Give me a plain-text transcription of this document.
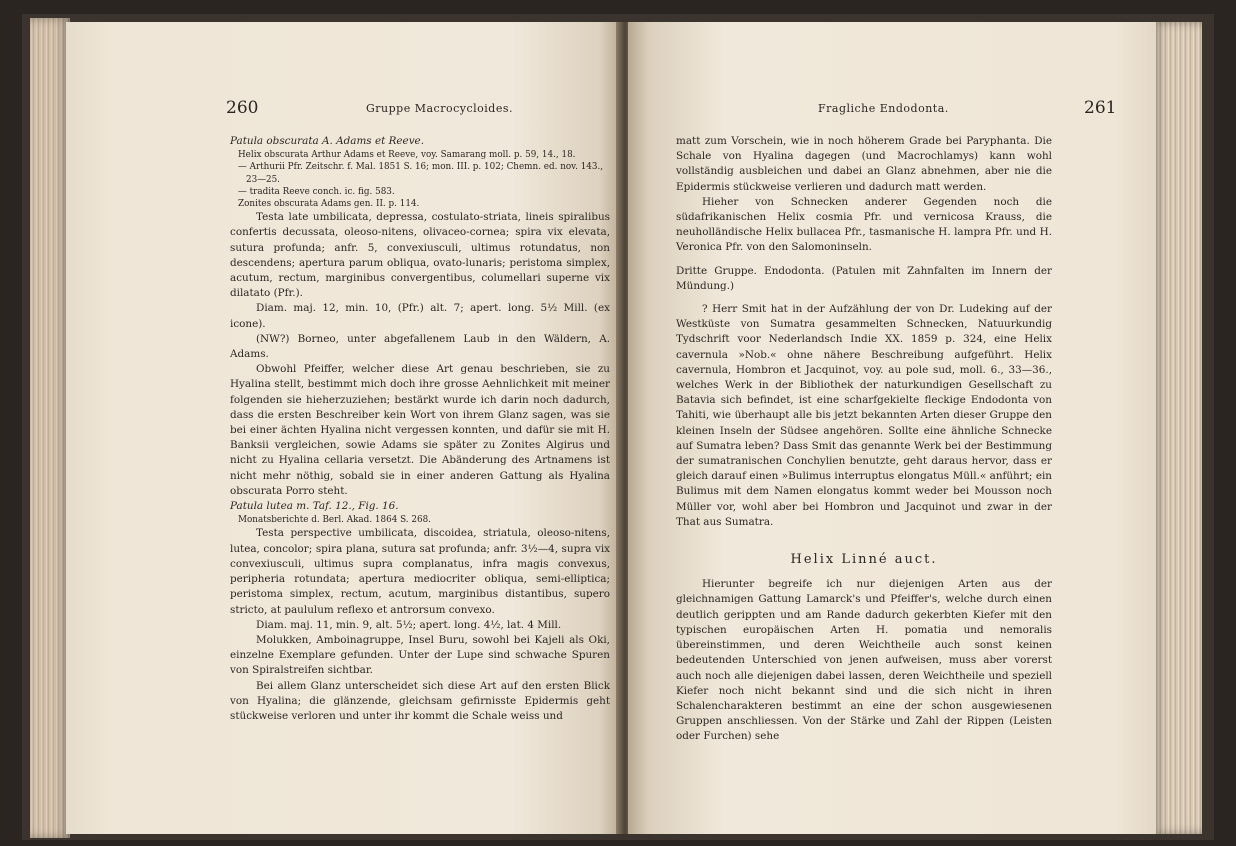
260	Gruppe Macrocycloides.

Patula obscurata A. Adams et Reeve.

Helix obscurata Arthur Adams et Reeve, voy. Samarang moll. p. 59, 14., 18.

— Arthurii Pfr. Zeitschr. f. Mal. 1851 S. 16; mon. III. p. 102; Chemn. ed. nov. 143., 23—25.

— tradita Reeve conch. ic. fig. 583.

Zonites obscurata Adams gen. II. p. 114.

Testa late umbilicata, depressa, costulato-striata, lineis spiralibus confertis decussata, oleoso-nitens, olivaceo-cornea; spira vix elevata, sutura profunda; anfr. 5, convexiusculi, ultimus rotundatus, non descendens; apertura parum obliqua, ovato-lunaris; peristoma simplex, acutum, rectum, marginibus convergentibus, columellari superne vix dilatato (Pfr.).

Diam. maj. 12, min. 10, (Pfr.) alt. 7; apert. long. 5½ Mill. (ex icone).

(NW?) Borneo, unter abgefallenem Laub in den Wäldern, A. Adams.

Obwohl Pfeiffer, welcher diese Art genau beschrieben, sie zu Hyalina stellt, bestimmt mich doch ihre grosse Aehnlichkeit mit meiner folgenden sie hieherzuziehen; bestärkt wurde ich darin noch dadurch, dass die ersten Beschreiber kein Wort von ihrem Glanz sagen, was sie bei einer ächten Hyalina nicht vergessen konnten, und dafür sie mit H. Banksii vergleichen, sowie Adams sie später zu Zonites Algirus und nicht zu Hyalina cellaria versetzt. Die Abänderung des Artnamens ist nicht mehr nöthig, sobald sie in einer anderen Gattung als Hyalina obscurata Porro steht.

Patula lutea m. Taf. 12., Fig. 16.

Monatsberichte d. Berl. Akad. 1864 S. 268.

Testa perspective umbilicata, discoidea, striatula, oleoso-nitens, lutea, concolor; spira plana, sutura sat profunda; anfr. 3½—4, supra vix convexiusculi, ultimus supra complanatus, infra magis convexus, peripheria rotundata; apertura mediocriter obliqua, semi-elliptica; peristoma simplex, rectum, acutum, marginibus distantibus, supero stricto, at paululum reflexo et antrorsum convexo.

Diam. maj. 11, min. 9, alt. 5½; apert. long. 4½, lat. 4 Mill.

Molukken, Amboinagruppe, Insel Buru, sowohl bei Kajeli als Oki, einzelne Exemplare gefunden. Unter der Lupe sind schwache Spuren von Spiralstreifen sichtbar.

Bei allem Glanz unterscheidet sich diese Art auf den ersten Blick von Hyalina; die glänzende, gleichsam gefirnisste Epidermis geht stückweise verloren und unter ihr kommt die Schale weiss und

Fragliche Endodonta.	261

matt zum Vorschein, wie in noch höherem Grade bei Paryphanta. Die Schale von Hyalina dagegen (und Macrochlamys) kann wohl vollständig ausbleichen und dabei an Glanz abnehmen, aber nie die Epidermis stückweise verlieren und dadurch matt werden.

Hieher von Schnecken anderer Gegenden noch die südafrikanischen Helix cosmia Pfr. und vernicosa Krauss, die neuholländische Helix bullacea Pfr., tasmanische H. lampra Pfr. und H. Veronica Pfr. von den Salomoninseln.

Dritte Gruppe. Endodonta. (Patulen mit Zahnfalten im Innern der Mündung.)

? Herr Smit hat in der Aufzählung der von Dr. Ludeking auf der Westküste von Sumatra gesammelten Schnecken, Natuurkundig Tydschrift voor Nederlandsch Indie XX. 1859 p. 324, eine Helix cavernula »Nob.« ohne nähere Beschreibung aufgeführt. Helix cavernula, Hombron et Jacquinot, voy. au pole sud, moll. 6., 33—36., welches Werk in der Bibliothek der naturkundigen Gesellschaft zu Batavia sich befindet, ist eine scharfgekielte fleckige Endodonta von Tahiti, wie überhaupt alle bis jetzt bekannten Arten dieser Gruppe den kleinen Inseln der Südsee angehören. Sollte eine ähnliche Schnecke auf Sumatra leben? Dass Smit das genannte Werk bei der Bestimmung der sumatranischen Conchylien benutzte, geht daraus hervor, dass er gleich darauf einen »Bulimus interruptus elongatus Müll.« anführt; ein Bulimus mit dem Namen elongatus kommt weder bei Mousson noch Müller vor, wohl aber bei Hombron und Jacquinot und zwar in der That aus Sumatra.

Helix Linné auct.

Hierunter begreife ich nur diejenigen Arten aus der gleichnamigen Gattung Lamarck's und Pfeiffer's, welche durch einen deutlich gerippten und am Rande dadurch gekerbten Kiefer mit den typischen europäischen Arten H. pomatia und nemoralis übereinstimmen, und deren Weichtheile auch sonst keinen bedeutenden Unterschied von jenen aufweisen, muss aber vorerst auch noch alle diejenigen dabei lassen, deren Weichtheile und speziell Kiefer noch nicht bekannt sind und die sich nicht in ihren Schalencharakteren bestimmt an eine der schon ausgewiesenen Gruppen anschliessen. Von der Stärke und Zahl der Rippen (Leisten oder Furchen) sehe
